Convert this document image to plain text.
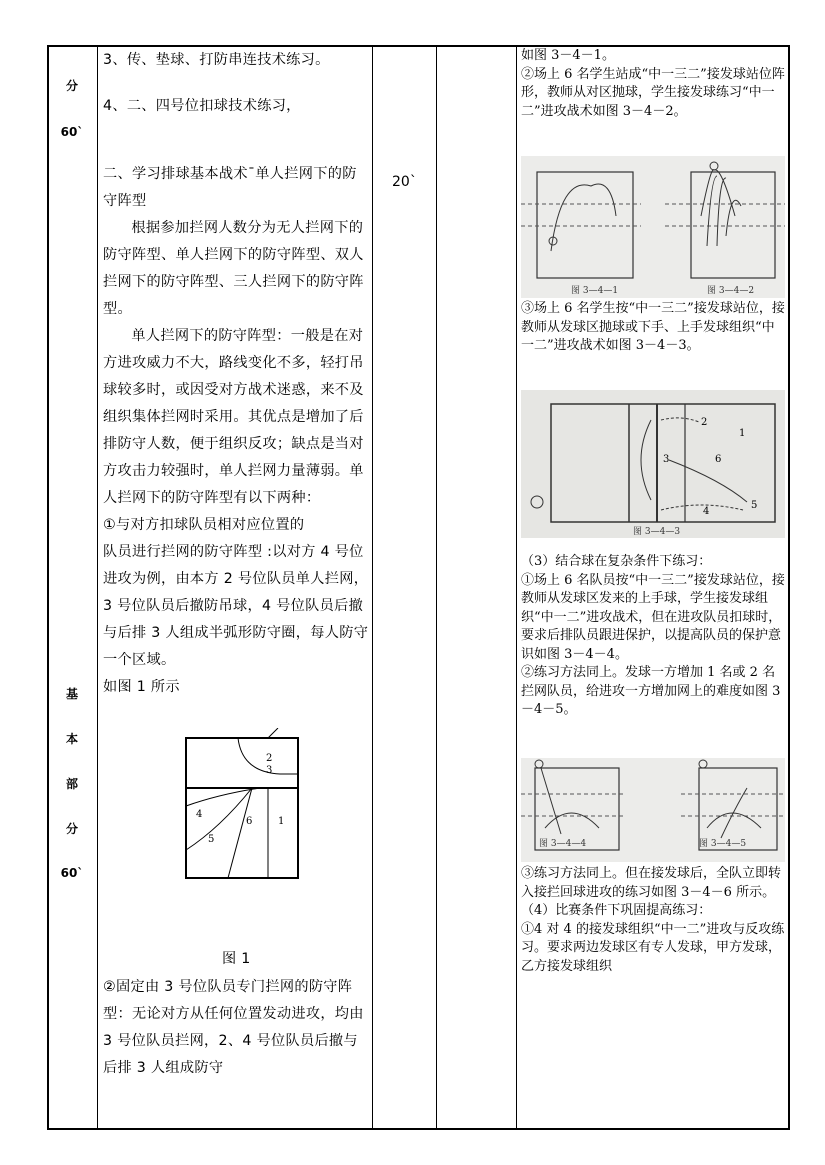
分
60`
基
本
部
分
60`
20`

3、传、垫球、打防串连技术练习。

4、二、四号位扣球技术练习，

二、学习排球基本战术¯单人拦网下的防守阵型

根据参加拦网人数分为无人拦网下的防守阵型、单人拦网下的防守阵型、双人拦网下的防守阵型、三人拦网下的防守阵型。

单人拦网下的防守阵型：一般是在对方进攻威力不大，路线变化不多，轻打吊球较多时，或因受对方战术迷惑，来不及组织集体拦网时采用。其优点是增加了后排防守人数，便于组织反攻；缺点是当对方攻击力较强时，单人拦网力量薄弱。单人拦网下的防守阵型有以下两种：

①与对方扣球队员相对应位置的

队员进行拦网的防守阵型 :以对方 4 号位进攻为例，由本方 2 号位队员单人拦网，3 号位队员后撤防吊球，4 号位队员后撤与后排 3 人组成半弧形防守圈，每人防守一个区域。

如图 1 所示

2
3
4
5
6	1
图 1

②固定由 3 号位队员专门拦网的防守阵型：无论对方从任何位置发动进攻，均由 3 号位队员拦网，2、4 号位队员后撤与后排 3 人组成防守

如图 3－4－1。

②场上 6 名学生站成“中一三二”接发球站位阵形，教师从对区抛球，学生接发球练习“中一二”进攻战术如图 3－4－2。

图 3—4—1	图 3—4—2

③场上 6 名学生按“中一三二”接发球站位，接教师从发球区抛球或下手、上手发球组织“中一二”进攻战术如图 3－4－3。

2
1
3	6
4
5
图 3—4—3

（3）结合球在复杂条件下练习：

①场上 6 名队员按“中一三二”接发球站位，接教师从发球区发来的上手球，学生接发球组织“中一二”进攻战术，但在进攻队员扣球时，要求后排队员跟进保护，以提高队员的保护意识如图 3－4－4。

②练习方法同上。发球一方增加 1 名或 2 名拦网队员，给进攻一方增加网上的难度如图 3－4－5。

图 3—4—4	图 3—4—5

③练习方法同上。但在接发球后，全队立即转入接拦回球进攻的练习如图 3－4－6 所示。

（4）比赛条件下巩固提高练习：

①4 对 4 的接发球组织“中一二”进攻与反攻练习。要求两边发球区有专人发球，甲方发球，乙方接发球组织
